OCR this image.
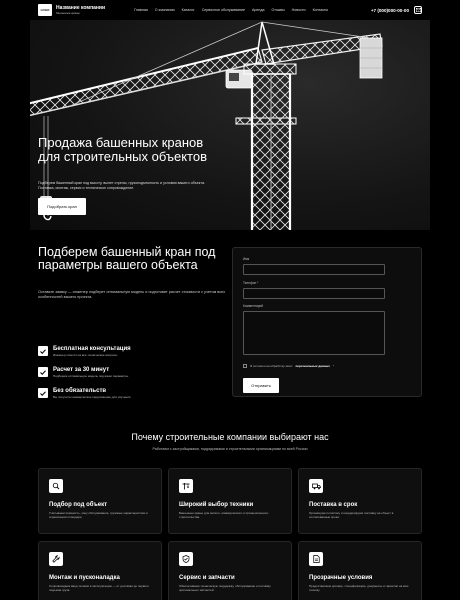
LOGO	Название компании
башенные краны
Главная О компании Каталог Сервисное обслуживание Аренда Отзывы Новости Контакты	+7 (000)000-00-00
Продажа башенных кранов для строительных объектов

Подберем башенный кран под высоту, вылет стрелы, грузоподъемность и условия вашего объекта. Поставка, монтаж, сервис и техническое сопровождение.

Подобрать кран
Подберем башенный кран под параметры вашего объекта

Оставьте заявку — инженер подберет оптимальную модель и подготовит расчет стоимости с учетом всех особенностей вашего проекта.

Имя
Телефон *
Комментарий
Я согласен на обработку моих персональных данных *
Отправить
Бесплатная консультация
Инженер ответит на все технические вопросы
Расчет за 30 минут
Подберем оптимальную модель под ваши параметры
Без обязательств
Вы получите коммерческое предложение для изучения
Почему строительные компании выбирают нас

Работаем с застройщиками, подрядчиками и строительными организациями по всей России

Подбор под объект
Учитываем этажность, зону обслуживания, грузовые характеристики и ограничения площадки.
Широкий выбор техники
Башенные краны для жилого, коммерческого и промышленного строительства.
Поставка в срок
Организуем логистику и координируем поставку на объект в согласованные сроки.
Монтаж и пусконаладка
Сопровождаем ввод техники в эксплуатацию — от доставки до первого подъема груза.
Сервис и запчасти
Обеспечиваем техническую поддержку, обслуживание и поставку оригинальных запчастей.
Прозрачные условия
Предоставляем договор, спецификацию, документы и гарантии на всю технику.
